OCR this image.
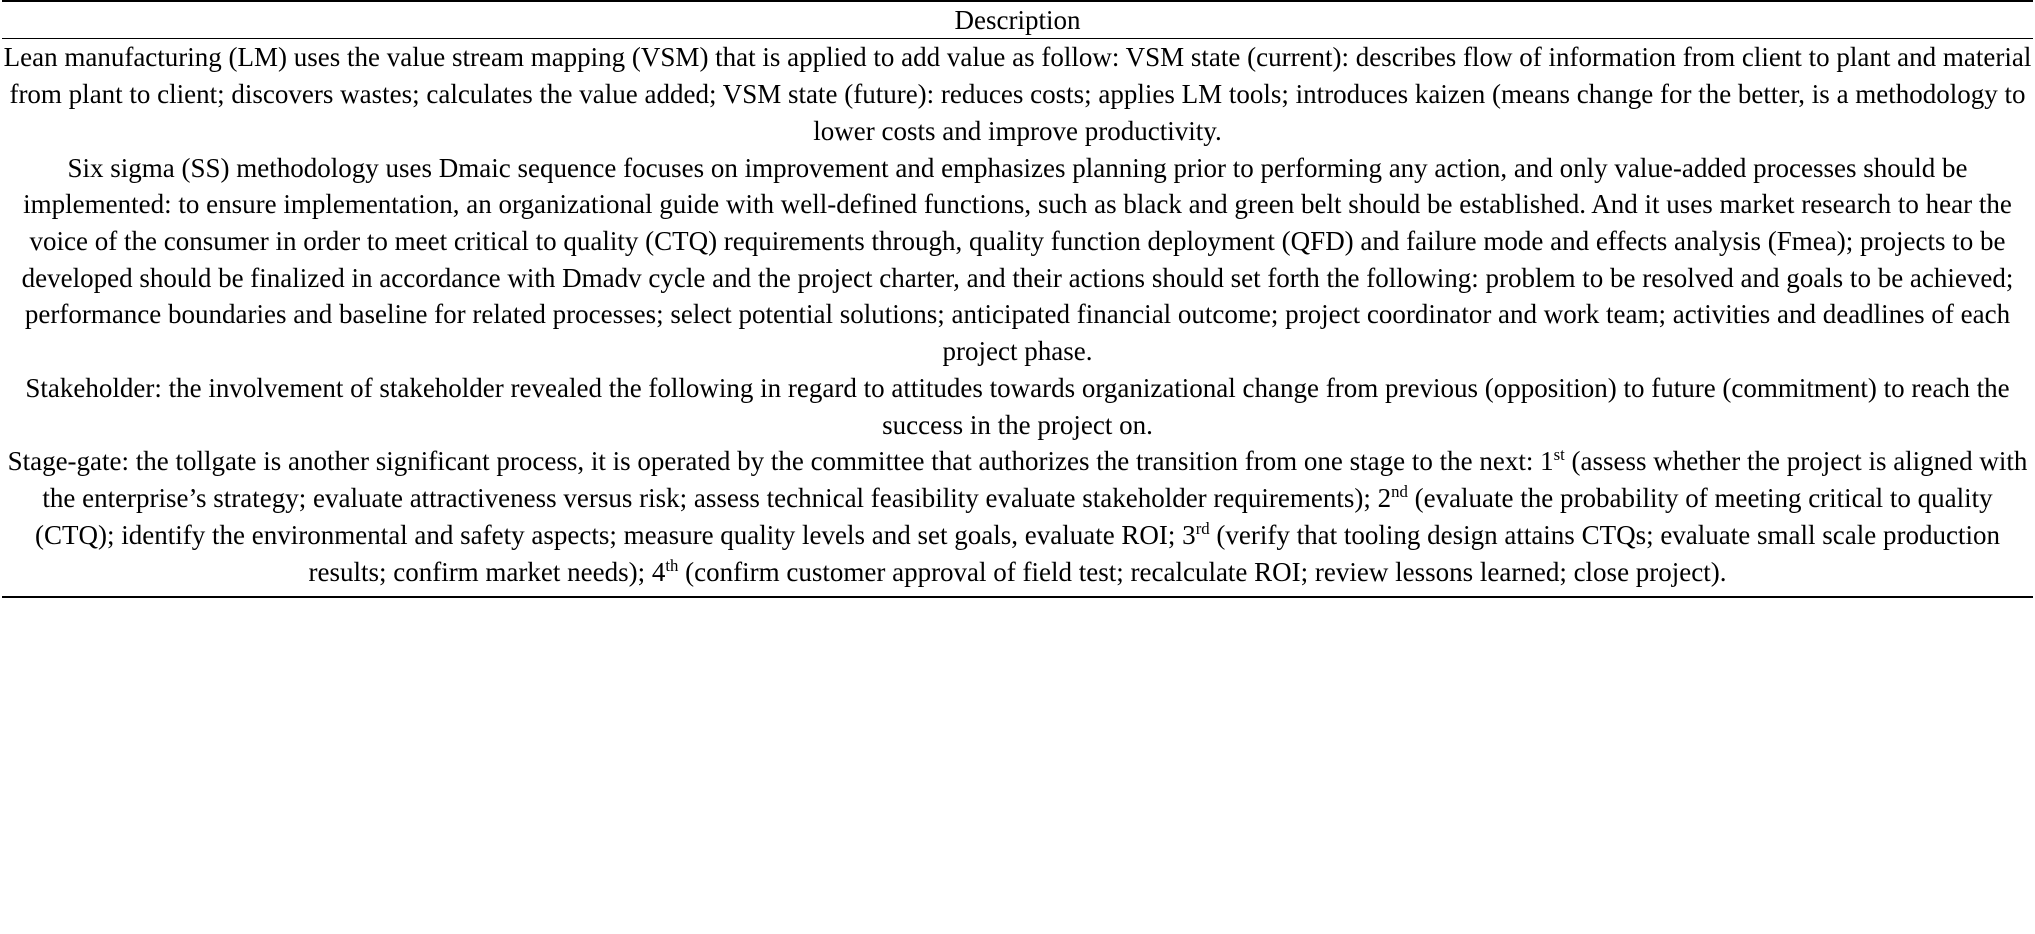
Description
Lean manufacturing (LM) uses the value stream mapping (VSM) that is applied to add value as follow: VSM state (current): describes flow of information from client to plant and material from plant to client; discovers wastes; calculates the value added; VSM state (future): reduces costs; applies LM tools; introduces kaizen (means change for the better, is a methodology to lower costs and improve productivity.
Six sigma (SS) methodology uses Dmaic sequence focuses on improvement and emphasizes planning prior to performing any action, and only value-added processes should be implemented: to ensure implementation, an organizational guide with well-defined functions, such as black and green belt should be established. And it uses market research to hear the voice of the consumer in order to meet critical to quality (CTQ) requirements through, quality function deployment (QFD) and failure mode and effects analysis (Fmea); projects to be developed should be finalized in accordance with Dmadv cycle and the project charter, and their actions should set forth the following: problem to be resolved and goals to be achieved; performance boundaries and baseline for related processes; select potential solutions; anticipated financial outcome; project coordinator and work team; activities and deadlines of each project phase.
Stakeholder: the involvement of stakeholder revealed the following in regard to attitudes towards organizational change from previous (opposition) to future (commitment) to reach the success in the project on.
Stage-gate: the tollgate is another significant process, it is operated by the committee that authorizes the transition from one stage to the next: 1st (assess whether the project is aligned with the enterprise’s strategy; evaluate attractiveness versus risk; assess technical feasibility evaluate stakeholder requirements); 2nd (evaluate the probability of meeting critical to quality (CTQ); identify the environmental and safety aspects; measure quality levels and set goals, evaluate ROI; 3rd (verify that tooling design attains CTQs; evaluate small scale production results; confirm market needs); 4th (confirm customer approval of field test; recalculate ROI; review lessons learned; close project).
